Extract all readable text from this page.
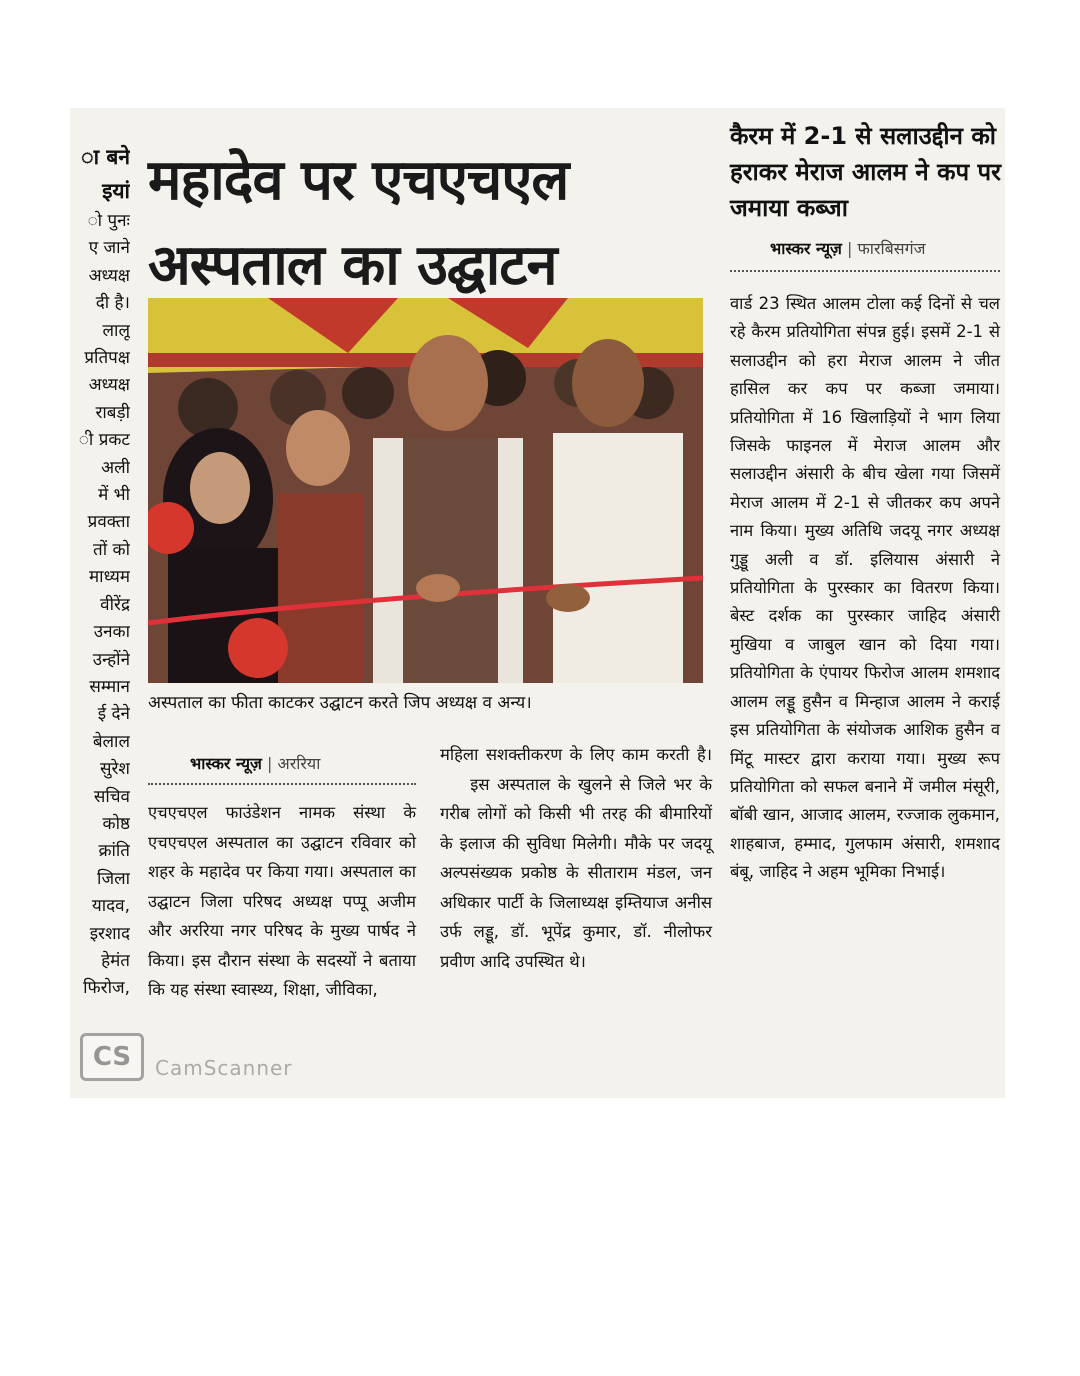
ा बने
इयां
ो पुनः
ए जाने
अध्यक्ष
दी है।
लालू
प्रतिपक्ष
अध्यक्ष
राबड़ी
ी प्रकट
अली
में भी
प्रवक्ता
तों को
माध्यम
वीरेंद्र
उनका
उन्होंने
सम्मान
ई देने
बेलाल
सुरेश
सचिव
कोष्ठ
क्रांति
जिला
यादव,
इरशाद
हेमंत
फिरोज,
महादेव पर एचएचएल
अस्पताल का उद्घाटन
अस्पताल का फीता काटकर उद्घाटन करते जिप अध्यक्ष व अन्य।
भास्कर न्यूज़ | अररिया
एचएचएल फाउंडेशन नामक संस्था के एचएचएल अस्पताल का उद्घाटन रविवार को शहर के महादेव पर किया गया। अस्पताल का उद्घाटन जिला परिषद अध्यक्ष पप्पू अजीम और अररिया नगर परिषद के मुख्य पार्षद ने किया। इस दौरान संस्था के सदस्यों ने बताया कि यह संस्था स्वास्थ्य, शिक्षा, जीविका,
महिला सशक्तीकरण के लिए काम करती है।    इस अस्पताल के खुलने से जिले भर के गरीब लोगों को किसी भी तरह की बीमारियों के इलाज की सुविधा मिलेगी। मौके पर जदयू अल्पसंख्यक प्रकोष्ठ के सीताराम मंडल, जन अधिकार पार्टी के जिलाध्यक्ष इम्तियाज अनीस उर्फ लड्डू, डॉ. भूपेंद्र कुमार, डॉ. नीलोफर प्रवीण आदि उपस्थित थे।
कैरम में 2-1 से सलाउद्दीन को हराकर मेराज आलम ने कप पर जमाया कब्जा
भास्कर न्यूज़ | फारबिसगंज
वार्ड 23 स्थित आलम टोला कई दिनों से चल रहे कैरम प्रतियोगिता संपन्न हुई। इसमें 2-1 से सलाउद्दीन को हरा मेराज आलम ने जीत हासिल कर कप पर कब्जा जमाया। प्रतियोगिता में 16 खिलाड़ियों ने भाग लिया जिसके फाइनल में मेराज आलम और सलाउद्दीन अंसारी के बीच खेला गया जिसमें मेराज आलम में 2-1 से जीतकर कप अपने नाम किया। मुख्य अतिथि जदयू नगर अध्यक्ष गुड्डू अली व डॉ. इलियास अंसारी ने प्रतियोगिता के पुरस्कार का वितरण किया। बेस्ट दर्शक का पुरस्कार जाहिद अंसारी मुखिया व जाबुल खान को दिया गया। प्रतियोगिता के एंपायर फिरोज आलम शमशाद आलम लड्डू हुसैन व मिन्हाज आलम ने कराई इस प्रतियोगिता के संयोजक आशिक हुसैन व मिंटू मास्टर द्वारा कराया गया। मुख्य रूप प्रतियोगिता को सफल बनाने में जमील मंसूरी, बॉबी खान, आजाद आलम, रज्जाक लुकमान, शाहबाज, हम्माद, गुलफाम अंसारी, शमशाद बंबू, जाहिद ने अहम भूमिका निभाई।
CS	CamScanner
